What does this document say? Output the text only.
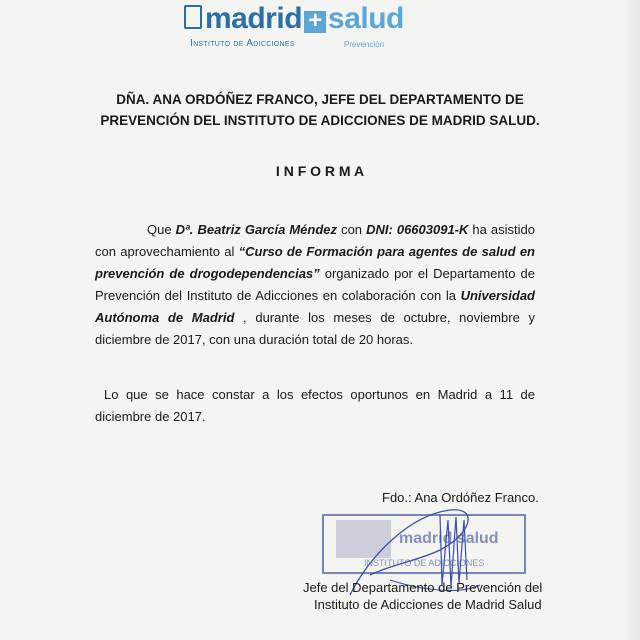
madrid + salud
Instituto de Adicciones	Prevención
DÑA. ANA ORDÓÑEZ FRANCO, JEFE DEL DEPARTAMENTO DE
PREVENCIÓN DEL INSTITUTO DE ADICCIONES DE MADRID SALUD.
I N F O R M A
Que Dª. Beatriz García Méndez con DNI: 06603091-K ha asistido con aprovechamiento al “Curso de Formación para agentes de salud en prevención de drogodependencias” organizado por el Departamento de Prevención del Instituto de Adicciones en colaboración con la Universidad Autónoma de Madrid , durante los meses de octubre, noviembre y diciembre de 2017, con una duración total de 20 horas.
Lo que se hace constar a los efectos oportunos en Madrid a 11 de diciembre de 2017.
Fdo.: Ana Ordóñez Franco.
madrid salud
INSTITUTO DE ADICCIONES
Jefe del Departamento de Prevención del
Instituto de Adicciones de Madrid Salud
